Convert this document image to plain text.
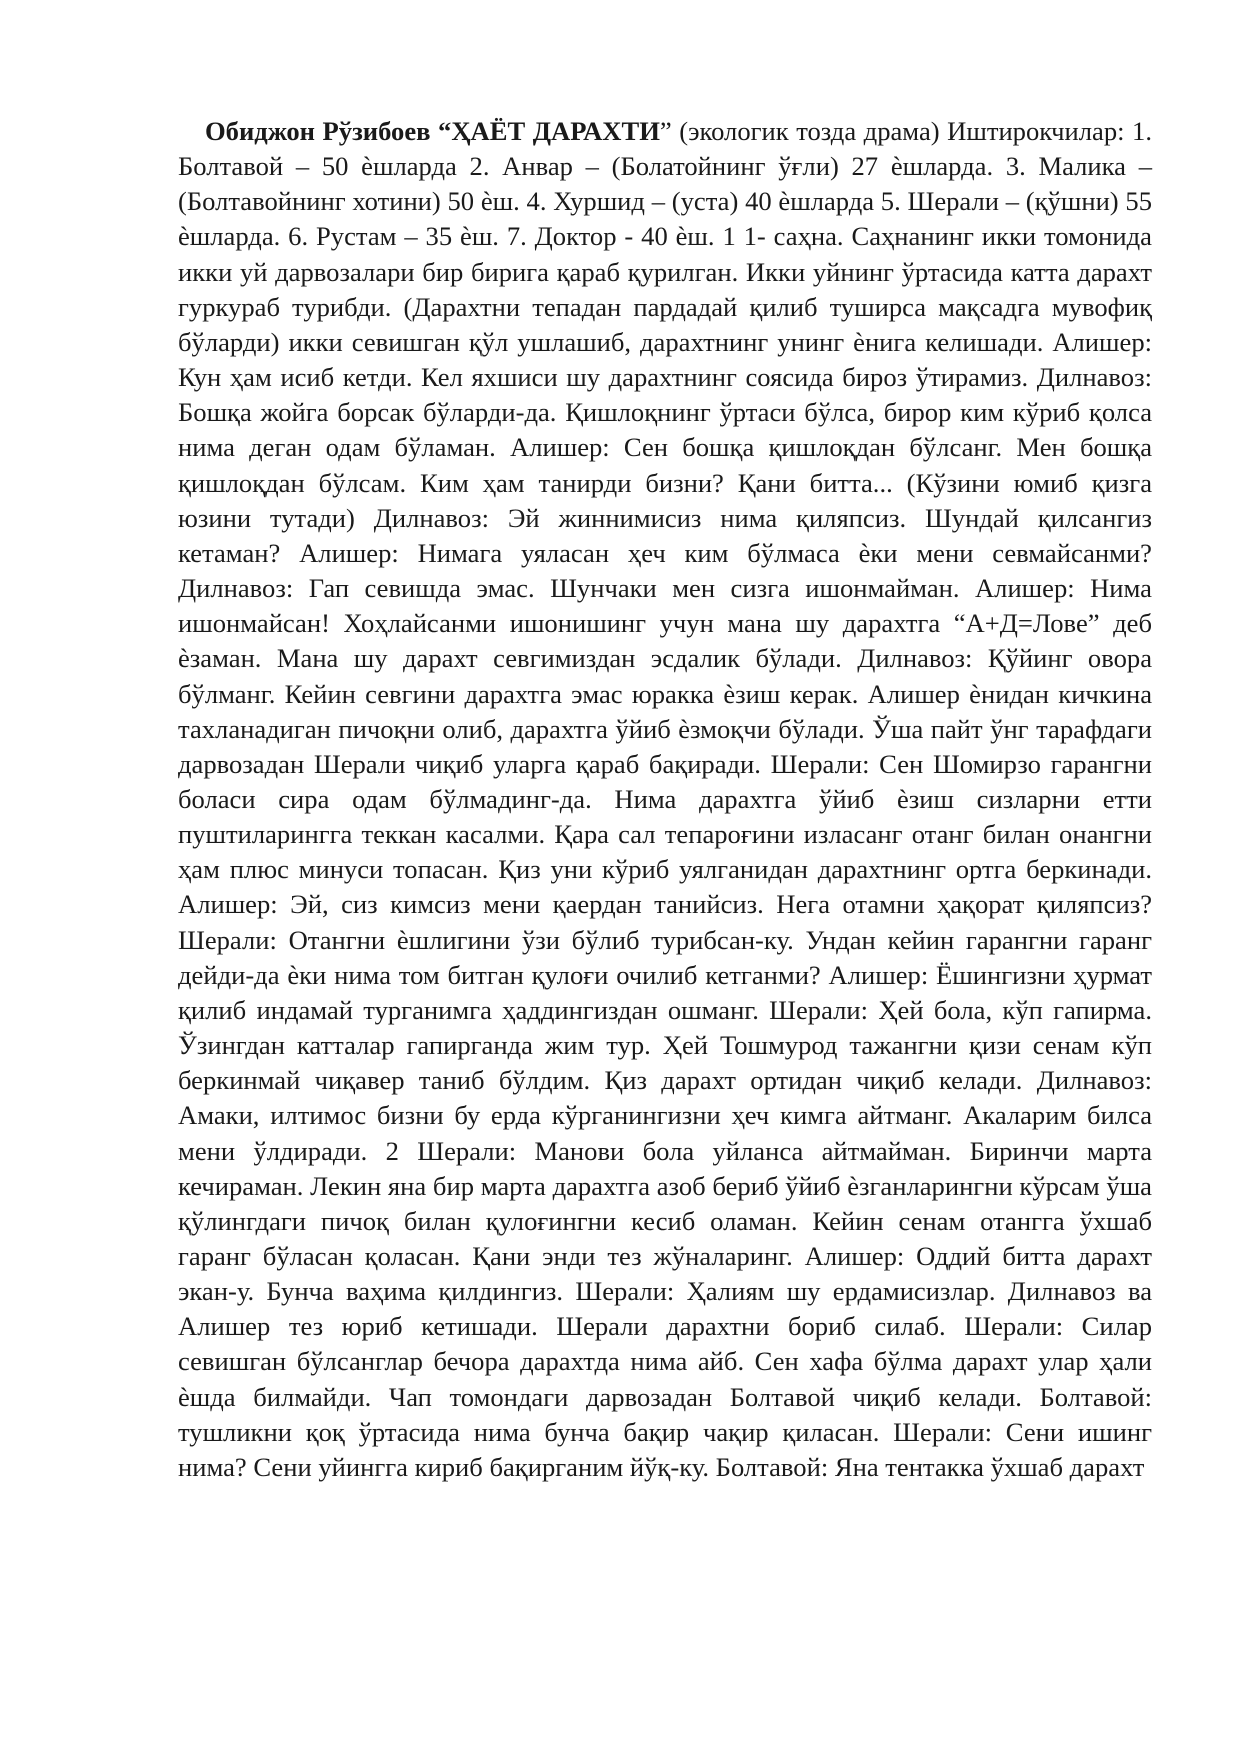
Обиджон Рўзибоев “ҲАЁТ ДАРАХТИ” (экологик тозда драма) Иштирокчилар: 1. Болтавой – 50 ѐшларда 2. Анвар – (Болатойнинг ўғли) 27 ѐшларда. 3. Малика – (Болтавойнинг хотини) 50 ѐш. 4. Хуршид – (уста) 40 ѐшларда 5. Шерали – (қўшни) 55 ѐшларда. 6. Рустам – 35 ѐш. 7. Доктор - 40 ѐш. 1 1- саҳна. Саҳнанинг икки томонида икки уй дарвозалари бир бирига қараб қурилган. Икки уйнинг ўртасида катта дарахт гуркураб турибди. (Дарахтни тепадан пардадай қилиб туширса мақсадга мувофиқ бўларди) икки севишган қўл ушлашиб, дарахтнинг унинг ѐнига келишади. Алишер: Кун ҳам исиб кетди. Кел яхшиси шу дарахтнинг соясида бироз ўтирамиз. Дилнавоз: Бошқа жойга борсак бўларди-да. Қишлоқнинг ўртаси бўлса, бирор ким кўриб қолса нима деган одам бўламан. Алишер: Сен бошқа қишлоқдан бўлсанг. Мен бошқа қишлоқдан бўлсам. Ким ҳам танирди бизни? Қани битта... (Кўзини юмиб қизга юзини тутади) Дилнавоз: Эй жиннимисиз нима қиляпсиз. Шундай қилсангиз кетаман? Алишер: Нимага уяласан ҳеч ким бўлмаса ѐки мени севмайсанми? Дилнавоз: Гап севишда эмас. Шунчаки мен сизга ишонмайман. Алишер: Нима ишонмайсан! Хоҳлайсанми ишонишинг учун мана шу дарахтга “А+Д=Лове” деб ѐзаман. Мана шу дарахт севгимиздан эсдалик бўлади. Дилнавоз: Қўйинг овора бўлманг. Кейин севгини дарахтга эмас юракка ѐзиш керак. Алишер ѐнидан кичкина тахланадиган пичоқни олиб, дарахтга ўйиб ѐзмоқчи бўлади. Ўша пайт ўнг тарафдаги дарвозадан Шерали чиқиб уларга қараб бақиради. Шерали: Сен Шомирзо гарангни боласи сира одам бўлмадинг-да. Нима дарахтга ўйиб ѐзиш сизларни етти пуштиларингга теккан касалми. Қара сал тепароғини изласанг отанг билан онангни ҳам плюс минуси топасан. Қиз уни кўриб уялганидан дарахтнинг ортга беркинади. Алишер: Эй, сиз кимсиз мени қаердан танийсиз. Нега отамни ҳақорат қиляпсиз? Шерали: Отангни ѐшлигини ўзи бўлиб турибсан-ку. Ундан кейин гарангни гаранг дейди-да ѐки нима том битган қулоғи очилиб кетганми? Алишер: Ёшингизни ҳурмат қилиб индамай турганимга ҳаддингиздан ошманг. Шерали: Ҳей бола, кўп гапирма. Ўзингдан катталар гапирганда жим тур. Ҳей Тошмурод тажангни қизи сенам кўп беркинмай чиқавер таниб бўлдим. Қиз дарахт ортидан чиқиб келади. Дилнавоз: Амаки, илтимос бизни бу ерда кўрганингизни ҳеч кимга айтманг. Акаларим билса мени ўлдиради. 2 Шерали: Манови бола уйланса айтмайман. Биринчи марта кечираман. Лекин яна бир марта дарахтга азоб бериб ўйиб ѐзганларингни кўрсам ўша қўлингдаги пичоқ билан қулоғингни кесиб оламан. Кейин сенам отангга ўхшаб гаранг бўласан қоласан. Қани энди тез жўналаринг. Алишер: Оддий битта дарахт экан-у. Бунча ваҳима қилдингиз. Шерали: Ҳалиям шу ердамисизлар. Дилнавоз ва Алишер тез юриб кетишади. Шерали дарахтни бориб силаб. Шерали: Силар севишган бўлсанглар бечора дарахтда нима айб. Сен хафа бўлма дарахт улар ҳали ѐшда билмайди. Чап томондаги дарвозадан Болтавой чиқиб келади. Болтавой: тушликни қоқ ўртасида нима бунча бақир чақир қиласан. Шерали: Сени ишинг нима? Сени уйингга кириб бақирганим йўқ-ку. Болтавой: Яна тентакка ўхшаб дарахт
